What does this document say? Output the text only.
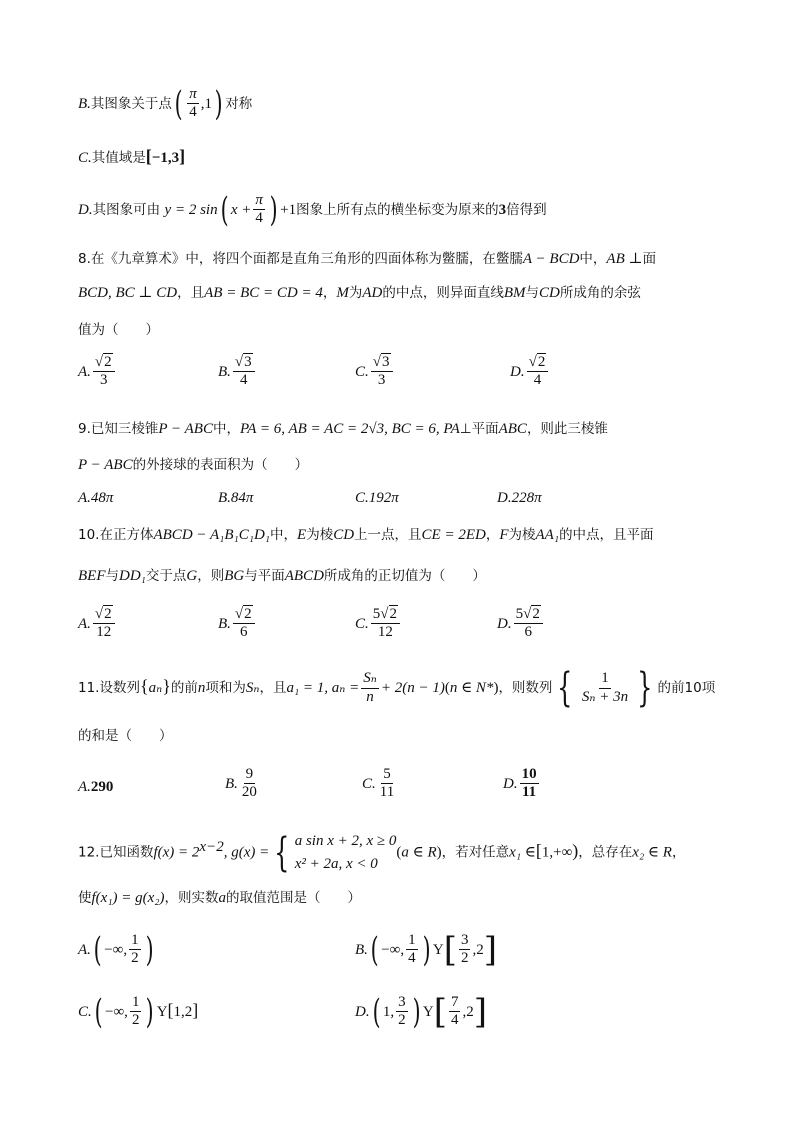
B.其图象关于点( $\frac{\pi}{4} ,1$) 对称
C.其值域是[−1,3]
D.其图象可由 y = 2 sin( $x + \frac{\pi}{4}$ ) +1图象上所有点的横坐标变为原来的3倍得到
8.在《九章算术》中，将四个面都是直角三角形的四面体称为鳖臑，在鳖臑A − BCD中，AB ⊥面
BCD, BC ⊥ CD，且AB = BC = CD = 4，M为AD的中点，则异面直线BM与CD所成角的余弦
值为（　　）
A. $\frac{√2}{3}$	B. $\frac{√3}{4}$	C. $\frac{√3}{3}$	D. $\frac{√2}{4}$
9.已知三棱锥P − ABC中，PA = 6, AB = AC = 2√3, BC = 6, PA⊥平面ABC，则此三棱锥
P − ABC的外接球的表面积为（　　）
A.48π	B.84π	C.192π	D.228π
10.在正方体ABCD − A₁B₁C₁D₁中，E为棱CD上一点，且CE = 2ED，F为棱AA₁的中点，且平面
BEF与DD₁交于点G，则BG与平面ABCD所成角的正切值为（　　）
A. $\frac{√2}{12}$	B. $\frac{√2}{6}$	C. $\frac{5√2}{12}$	D. $\frac{5√2}{6}$
11.设数列{aₙ}的前n项和为Sₙ，且a₁ = 1, $a_n = \frac{\text{Sₙ}}{n} + 2(n - 1)(n$ ∈ N*)，则数列 { $\frac{1}{\text{Sₙ + 3n}}$ } 的前10项
的和是（　　）
A.290	B. $\frac{9}{20}$	C. $\frac{5}{11}$	D. $\frac{10}{11}$
12.已知函数$f(x) = 2^{x-2}$, g(x) = { a sin x + 2, x ≥ 0
x² + 2a, x < 0
(a ∈ R)，若对任意x₁ ∈[1,+∞)，总存在x₂ ∈ R，
使f(x₁) = g(x₂)，则实数a的取值范围是（　　）
A.( −∞, $\frac{1}{2}$ )	B.( −∞, $\frac{1}{4}$ ) $Y[ \frac{3}{2} ,2]$
C.( −∞, $\frac{1}{2}$ ) Y[1,2]	D.( 1, $\frac{3}{2}$ ) $Y[ \frac{7}{4} ,2]$
